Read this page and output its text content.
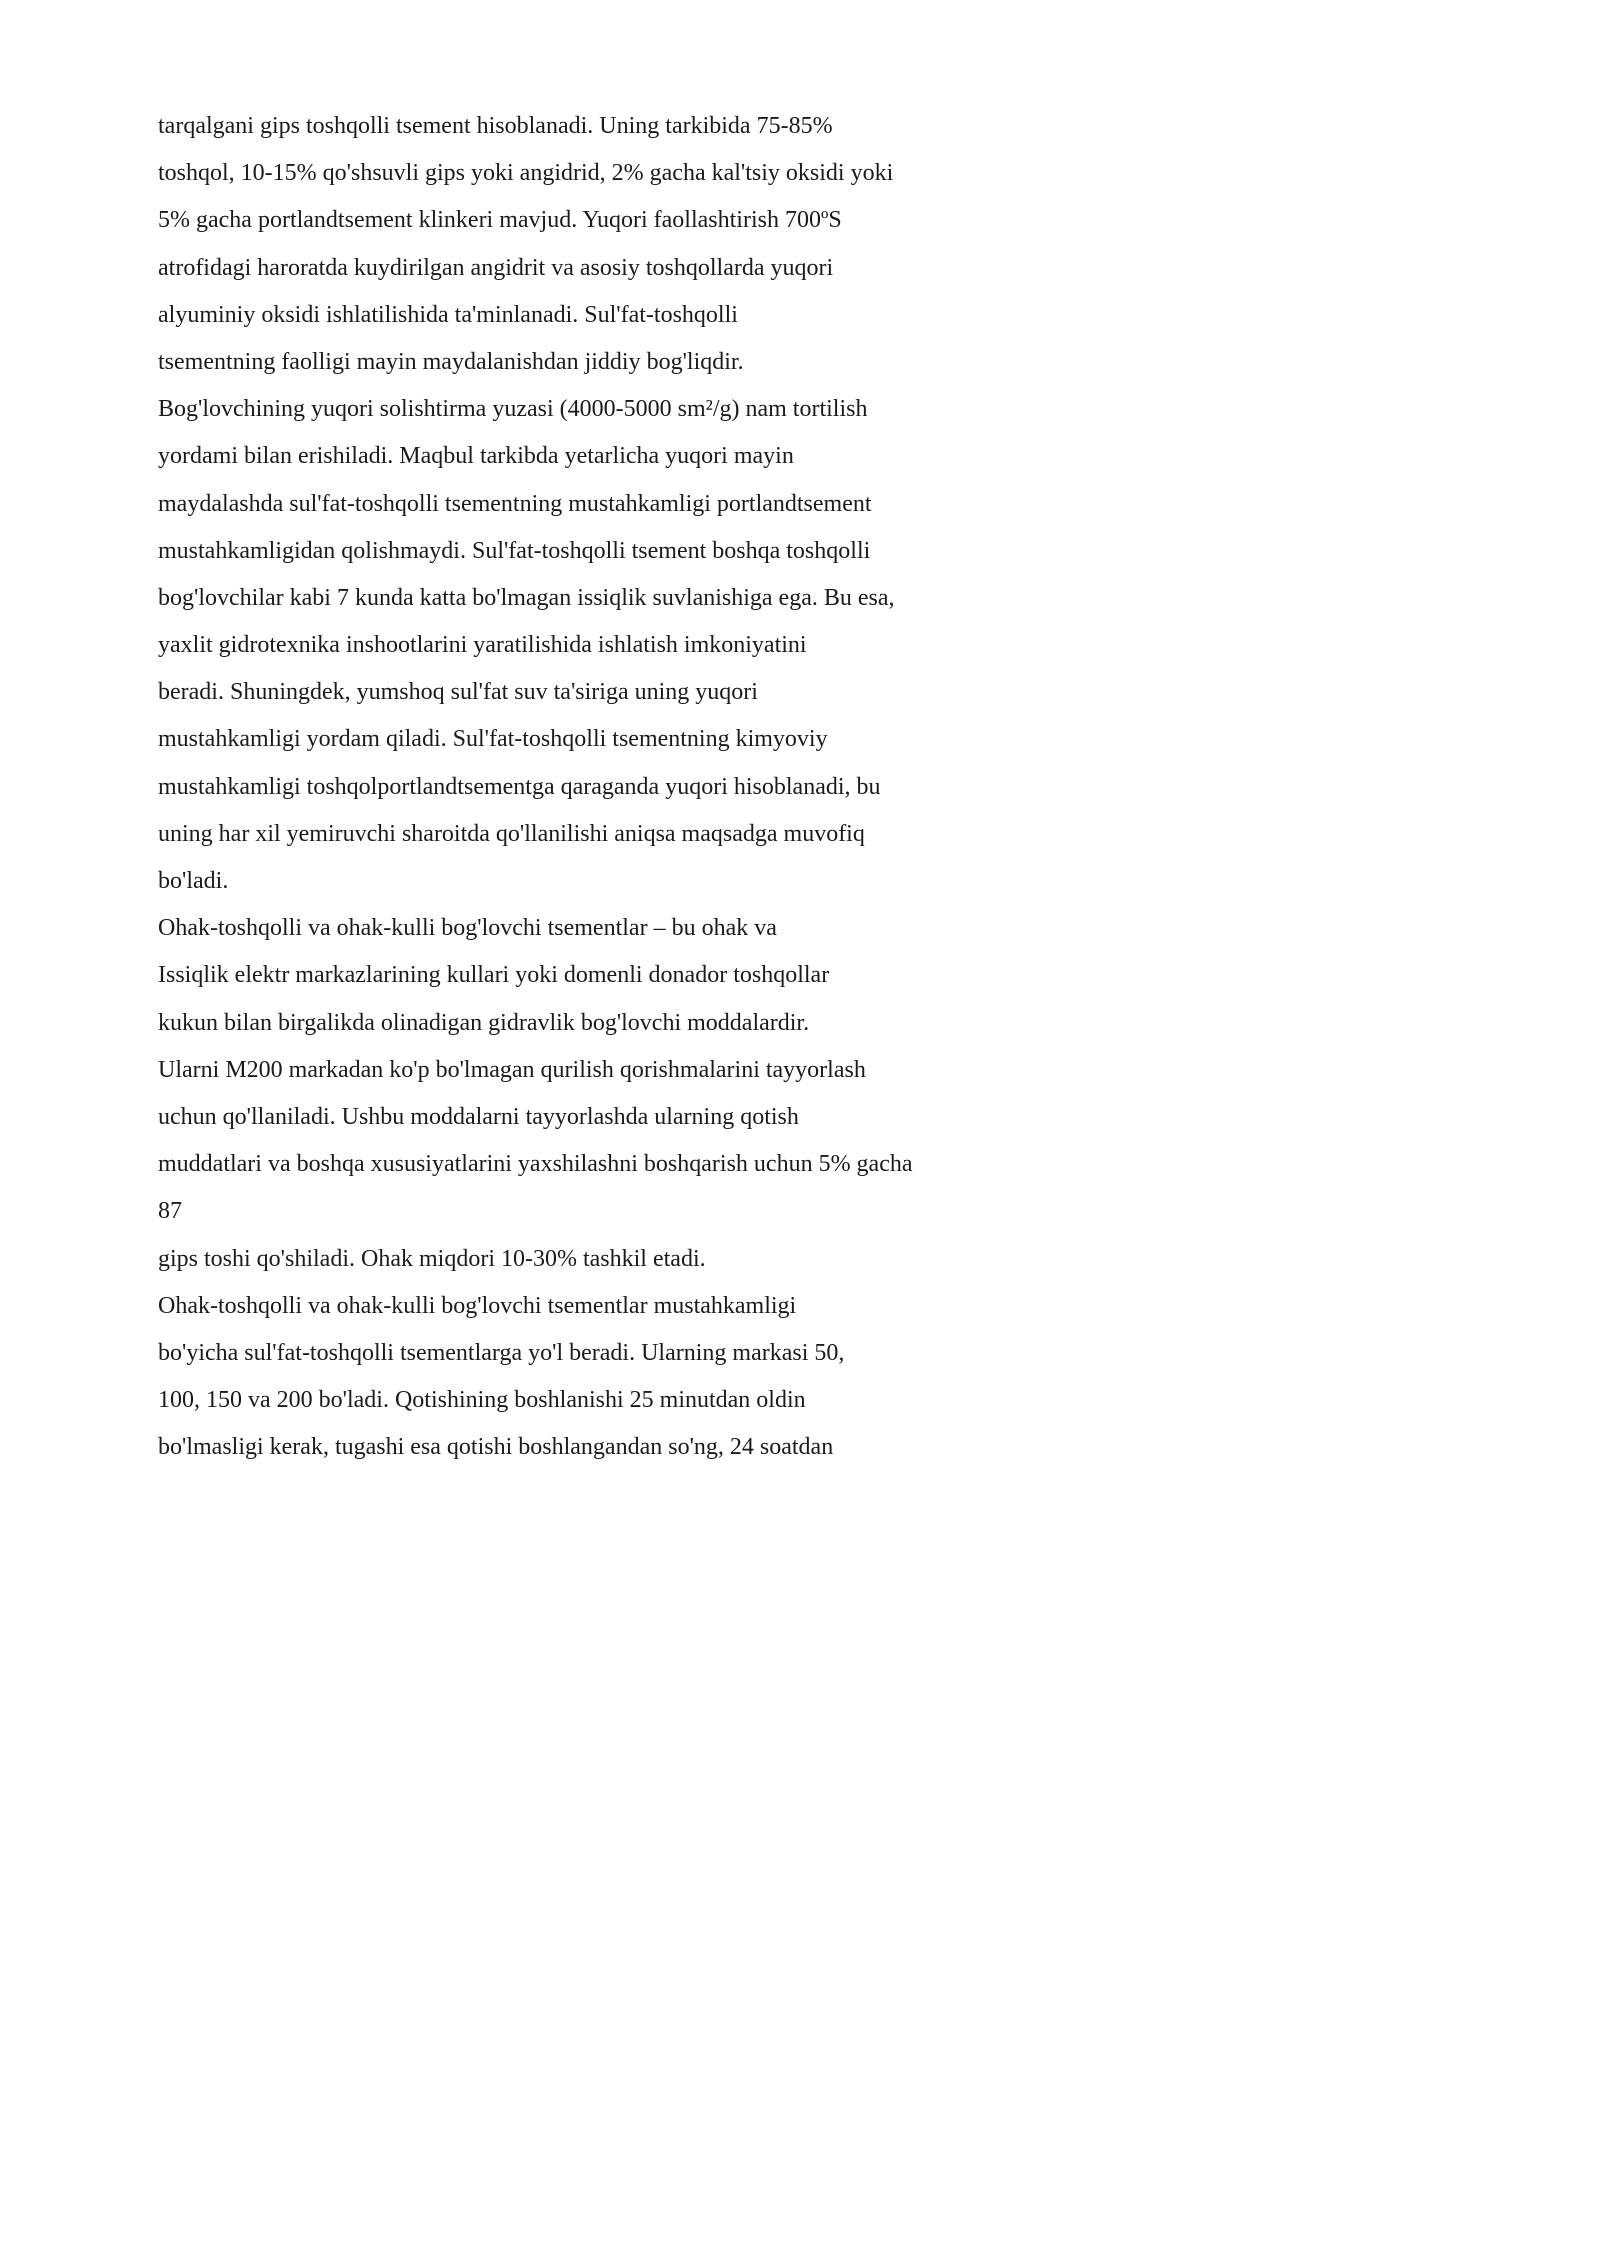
tarqalgani gips toshqolli tsement hisoblanadi. Uning tarkibida 75-85%

toshqol, 10-15% qo'shsuvli gips yoki angidrid, 2% gacha kal'tsiy oksidi yoki

5% gacha portlandtsement klinkeri mavjud. Yuqori faollashtirish 700ºS

atrofidagi haroratda kuydirilgan angidrit va asosiy toshqollarda yuqori

alyuminiy oksidi ishlatilishida ta'minlanadi. Sul'fat-toshqolli

tsementning faolligi mayin maydalanishdan jiddiy bog'liqdir.

Bog'lovchining yuqori solishtirma yuzasi (4000-5000 sm²/g) nam tortilish

yordami bilan erishiladi. Maqbul tarkibda yetarlicha yuqori mayin

maydalashda sul'fat-toshqolli tsementning mustahkamligi portlandtsement

mustahkamligidan qolishmaydi. Sul'fat-toshqolli tsement boshqa toshqolli

bog'lovchilar kabi 7 kunda katta bo'lmagan issiqlik suvlanishiga ega. Bu esa,

yaxlit gidrotexnika inshootlarini yaratilishida ishlatish imkoniyatini

beradi. Shuningdek, yumshoq sul'fat suv ta'siriga uning yuqori

mustahkamligi yordam qiladi. Sul'fat-toshqolli tsementning kimyoviy

mustahkamligi toshqolportlandtsementga qaraganda yuqori hisoblanadi, bu

uning har xil yemiruvchi sharoitda qo'llanilishi aniqsa maqsadga muvofiq

bo'ladi.

Ohak-toshqolli va ohak-kulli bog'lovchi tsementlar – bu ohak va

Issiqlik elektr markazlarining kullari yoki domenli donador toshqollar

kukun bilan birgalikda olinadigan gidravlik bog'lovchi moddalardir.

Ularni M200 markadan ko'p bo'lmagan qurilish qorishmalarini tayyorlash

uchun qo'llaniladi. Ushbu moddalarni tayyorlashda ularning qotish

muddatlari va boshqa xususiyatlarini yaxshilashni boshqarish uchun 5% gacha

87

gips toshi qo'shiladi. Ohak miqdori 10-30% tashkil etadi.

Ohak-toshqolli va ohak-kulli bog'lovchi tsementlar mustahkamligi

bo'yicha sul'fat-toshqolli tsementlarga yo'l beradi. Ularning markasi 50,

100, 150 va 200 bo'ladi. Qotishining boshlanishi 25 minutdan oldin

bo'lmasligi kerak, tugashi esa qotishi boshlangandan so'ng, 24 soatdan
